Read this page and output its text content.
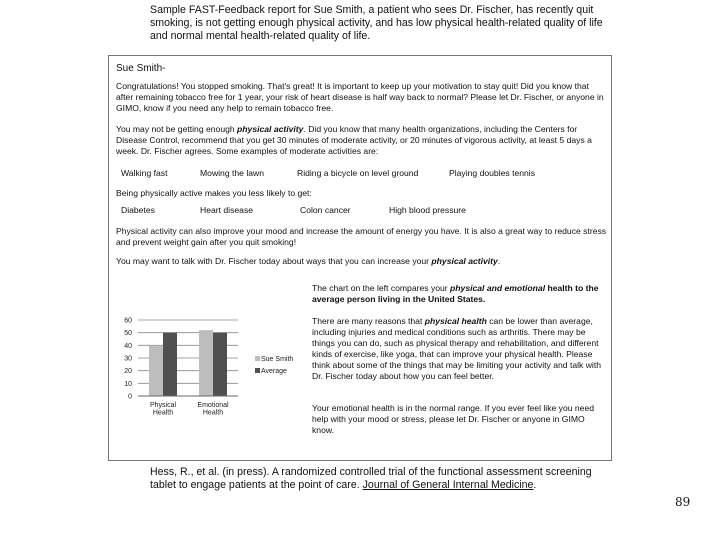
Sample FAST-Feedback report for Sue Smith, a patient who sees Dr. Fischer, has recently quit smoking, is not getting enough physical activity, and has low physical health-related quality of life and normal mental health-related quality of life.
Sue Smith-
Congratulations! You stopped smoking. That's great! It is important to keep up your motivation to stay quit! Did you know that after remaining tobacco free for 1 year, your risk of heart disease is half way back to normal? Please let Dr. Fischer, or anyone in GIMO, know if you need any help to remain tobacco free.
You may not be getting enough physical activity. Did you know that many health organizations, including the Centers for Disease Control, recommend that you get 30 minutes of moderate activity, or 20 minutes of vigorous activity, at least 5 days a week. Dr. Fischer agrees. Some examples of moderate activities are:
Walking fast	Mowing the lawn	Riding a bicycle on level ground	Playing doubles tennis
Being physically active makes you less likely to get:
Diabetes	Heart disease	Colon cancer	High blood pressure
Physical activity can also improve your mood and increase the amount of energy you have. It is also a great way to reduce stress and prevent weight gain after you quit smoking!
You may want to talk with Dr. Fischer today about ways that you can increase your physical activity.
The chart on the left compares your physical and emotional health to the average person living in the United States.
There are many reasons that physical health can be lower than average, including injuries and medical conditions such as arthritis. There may be things you can do, such as physical therapy and rehabilitation, and different kinds of exercise, like yoga, that can improve your physical health. Please think about some of the things that may be limiting your activity and talk with Dr. Fischer today about how you can feel better.
Your emotional health is in the normal range. If you ever feel like you need help with your mood or stress, please let Dr. Fischer or anyone in GIMO know.
0
10
20
30
40
50
60
Physical
Health
Emotional
Health
Sue Smith
Average
Hess, R., et al. (in press). A randomized controlled trial of the functional assessment screening tablet to engage patients at the point of care. Journal of General Internal Medicine.
89
